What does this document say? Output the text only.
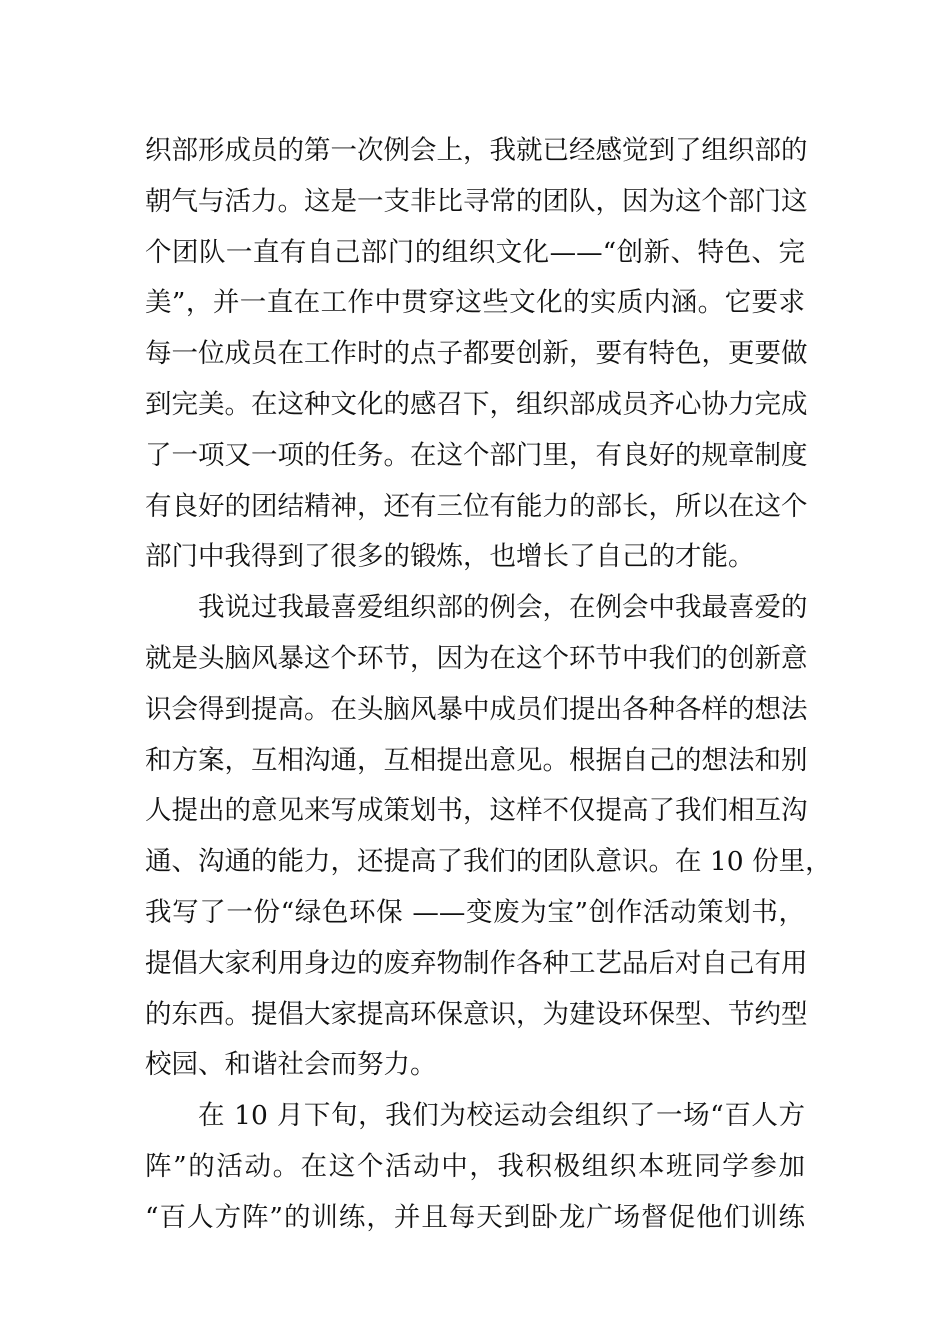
织部形成员的第一次例会上，我就已经感觉到了组织部的
朝气与活力。这是一支非比寻常的团队，因为这个部门这
个团队一直有自己部门的组织文化——“创新、特色、完
美”，并一直在工作中贯穿这些文化的实质内涵。它要求
每一位成员在工作时的点子都要创新，要有特色，更要做
到完美。在这种文化的感召下，组织部成员齐心协力完成
了一项又一项的任务。在这个部门里，有良好的规章制度
有良好的团结精神，还有三位有能力的部长，所以在这个
部门中我得到了很多的锻炼，也增长了自己的才能。
我说过我最喜爱组织部的例会，在例会中我最喜爱的
就是头脑风暴这个环节，因为在这个环节中我们的创新意
识会得到提高。在头脑风暴中成员们提出各种各样的想法
和方案，互相沟通，互相提出意见。根据自己的想法和别
人提出的意见来写成策划书，这样不仅提高了我们相互沟
通、沟通的能力，还提高了我们的团队意识。在 10 份里，
我写了一份“绿色环保 ——变废为宝”创作活动策划书，
提倡大家利用身边的废弃物制作各种工艺品后对自己有用
的东西。提倡大家提高环保意识，为建设环保型、节约型
校园、和谐社会而努力。
在 10 月下旬，我们为校运动会组织了一场“百人方
阵”的活动。在这个活动中，我积极组织本班同学参加
“百人方阵”的训练，并且每天到卧龙广场督促他们训练
